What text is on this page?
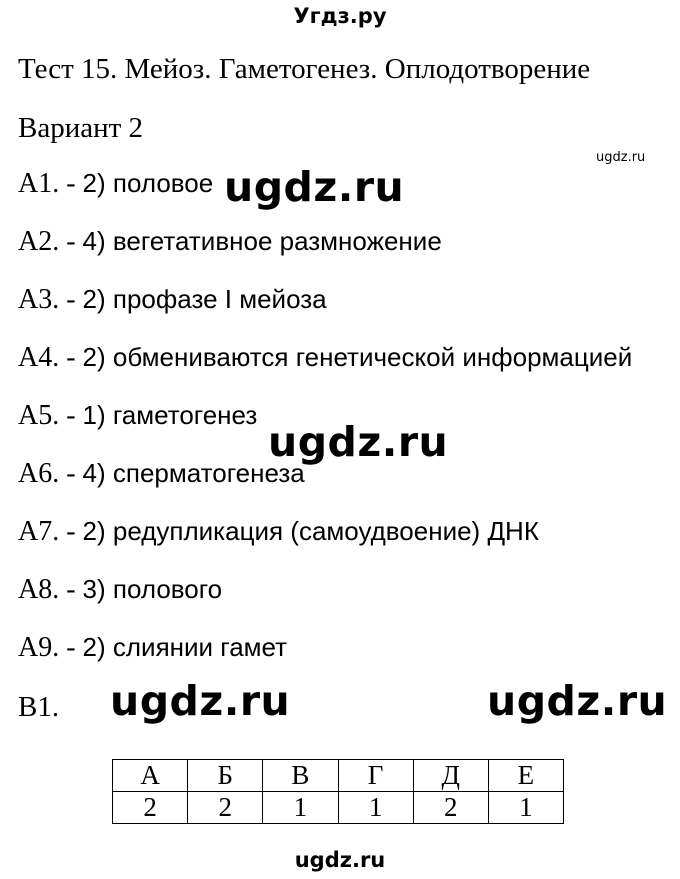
Угдз.ру
Тест 15. Мейоз. Гаметогенез. Оплодотворение
Вариант 2
ugdz.ru
А1. - 2) половое
А2. - 4) вегетативное размножение
А3. - 2) профазе I мейоза
А4. - 2) обмениваются генетической информацией
А5. - 1) гаметогенез
А6. - 4) сперматогенеза
А7. - 2) редупликация (самоудвоение) ДНК
А8. - 3) полового
А9. - 2) слиянии гамет
В1.
ugdz.ru
ugdz.ru
ugdz.ru	ugdz.ru
А	Б	В	Г	Д	Е
2	2	1	1	2	1
ugdz.ru
